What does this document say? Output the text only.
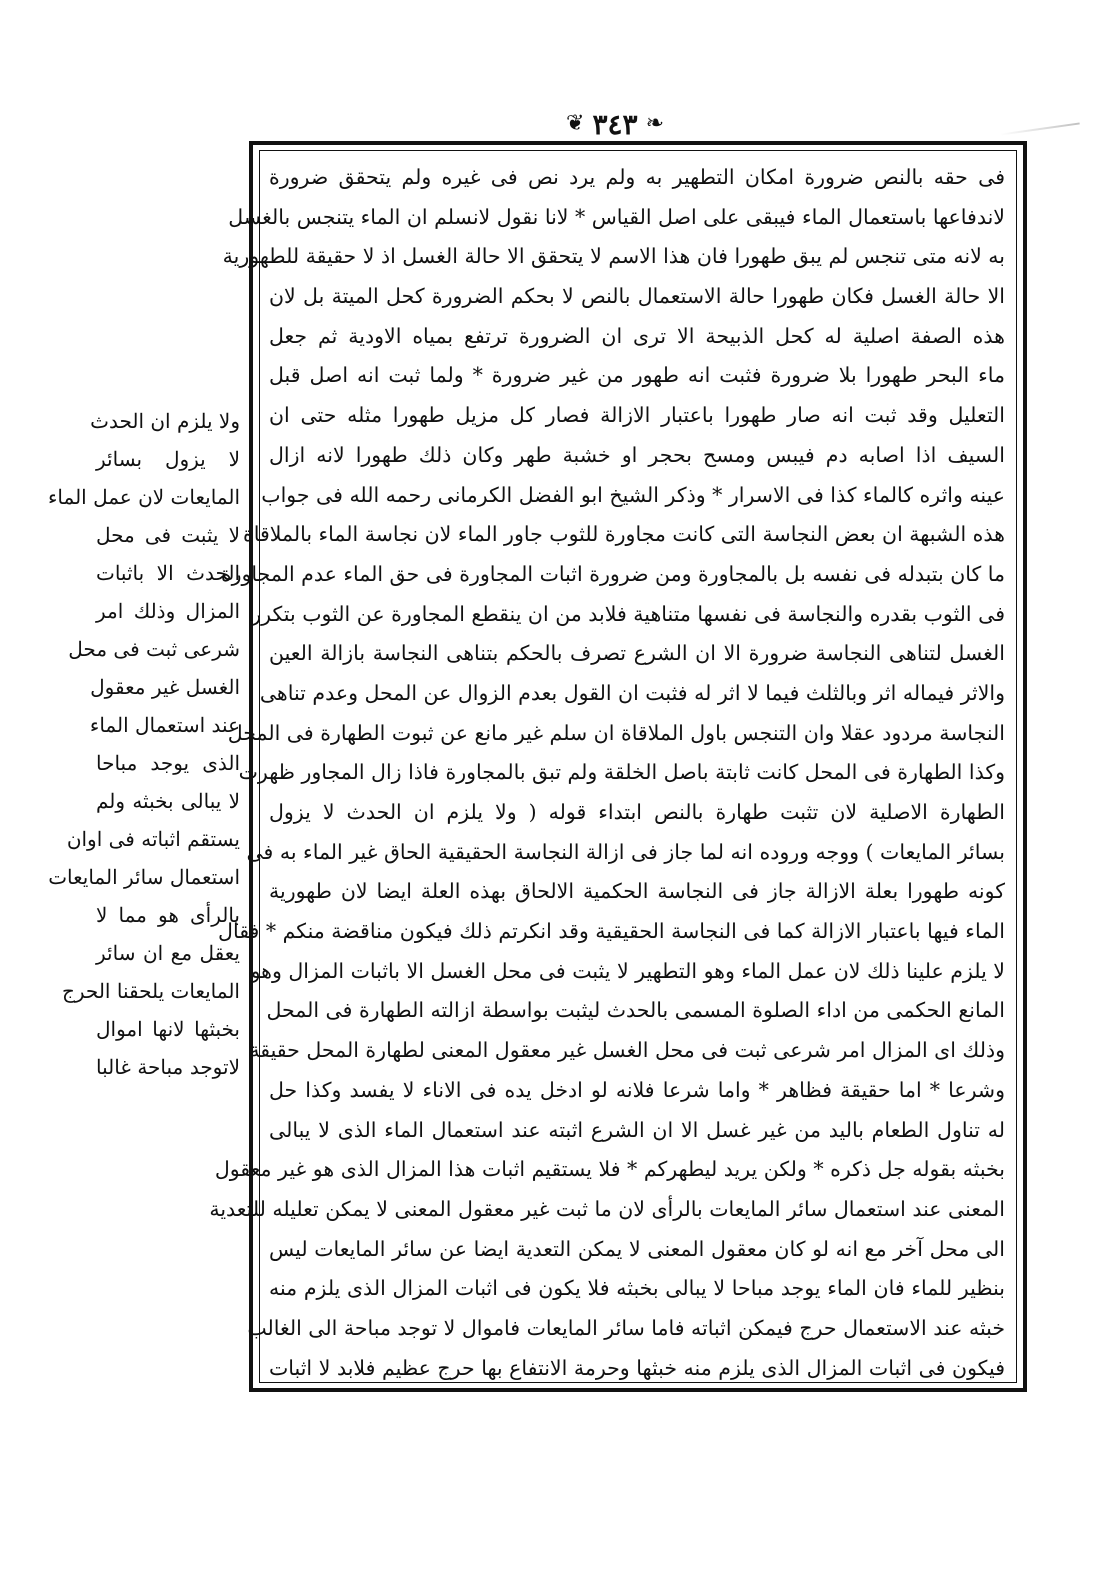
❦ ٣٤٣ ❧
فى حقه بالنص ضرورة امكان التطهير به ولم يرد نص فى غيره ولم يتحقق ضرورة
لاندفاعها باستعمال الماء فيبقى على اصل القياس * لانا نقول لانسلم ان الماء يتنجس بالغسل
به لانه متى تنجس لم يبق طهورا فان هذا الاسم لا يتحقق الا حالة الغسل اذ لا حقيقة للطهورية
الا حالة الغسل فكان طهورا حالة الاستعمال بالنص لا بحكم الضرورة كحل الميتة بل لان
هذه الصفة اصلية له كحل الذبيحة الا ترى ان الضرورة ترتفع بمياه الاودية ثم جعل
ماء البحر طهورا بلا ضرورة فثبت انه طهور من غير ضرورة * ولما ثبت انه اصل قبل
التعليل وقد ثبت انه صار طهورا باعتبار الازالة فصار كل مزيل طهورا مثله حتى ان
السيف اذا اصابه دم فيبس ومسح بحجر او خشبة طهر وكان ذلك طهورا لانه ازال
عينه واثره كالماء كذا فى الاسرار * وذكر الشيخ ابو الفضل الكرمانى رحمه الله فى جواب
هذه الشبهة ان بعض النجاسة التى كانت مجاورة للثوب جاور الماء لان نجاسة الماء بالملاقاة
ما كان بتبدله فى نفسه بل بالمجاورة ومن ضرورة اثبات المجاورة فى حق الماء عدم المجاورة
فى الثوب بقدره والنجاسة فى نفسها متناهية فلابد من ان ينقطع المجاورة عن الثوب بتكرر
الغسل لتناهى النجاسة ضرورة الا ان الشرع تصرف بالحكم بتناهى النجاسة بازالة العين
والاثر فيماله اثر وبالثلث فيما لا اثر له فثبت ان القول بعدم الزوال عن المحل وعدم تناهى
النجاسة مردود عقلا وان التنجس باول الملاقاة ان سلم غير مانع عن ثبوت الطهارة فى المحل
وكذا الطهارة فى المحل كانت ثابتة باصل الخلقة ولم تبق بالمجاورة فاذا زال المجاور ظهرت
الطهارة الاصلية لان تثبت طهارة بالنص ابتداء قوله ( ولا يلزم ان الحدث لا يزول
بسائر المايعات ) ووجه وروده انه لما جاز فى ازالة النجاسة الحقيقية الحاق غير الماء به فى
كونه طهورا بعلة الازالة جاز فى النجاسة الحكمية الالحاق بهذه العلة ايضا لان طهورية
الماء فيها باعتبار الازالة كما فى النجاسة الحقيقية وقد انكرتم ذلك فيكون مناقضة منكم * فقال
لا يلزم علينا ذلك لان عمل الماء وهو التطهير لا يثبت فى محل الغسل الا باثبات المزال وهو
المانع الحكمى من اداء الصلوة المسمى بالحدث ليثبت بواسطة ازالته الطهارة فى المحل
وذلك اى المزال امر شرعى ثبت فى محل الغسل غير معقول المعنى لطهارة المحل حقيقة
وشرعا * اما حقيقة فظاهر * واما شرعا فلانه لو ادخل يده فى الاناء لا يفسد وكذا حل
له تناول الطعام باليد من غير غسل الا ان الشرع اثبته عند استعمال الماء الذى لا يبالى
بخبثه بقوله جل ذكره * ولكن يريد ليطهركم * فلا يستقيم اثبات هذا المزال الذى هو غير معقول
المعنى عند استعمال سائر المايعات بالرأى لان ما ثبت غير معقول المعنى لا يمكن تعليله للتعدية
الى محل آخر مع انه لو كان معقول المعنى لا يمكن التعدية ايضا عن سائر المايعات ليس
بنظير للماء فان الماء يوجد مباحا لا يبالى بخبثه فلا يكون فى اثبات المزال الذى يلزم منه
خبثه عند الاستعمال حرج فيمكن اثباته فاما سائر المايعات فاموال لا توجد مباحة الى الغالب
فيكون فى اثبات المزال الذى يلزم منه خبثها وحرمة الانتفاع بها حرج عظيم فلابد لا اثبات
ولا يلزم ان الحدث
لا يزول بسائر
المايعات لان عمل الماء
لا يثبت فى محل
الحدث الا باثبات
المزال وذلك امر
شرعى ثبت فى محل
الغسل غير معقول
عند استعمال الماء
الذى يوجد مباحا
لا يبالى بخبثه ولم
يستقم اثباته فى اوان
استعمال سائر المايعات
بالرأى هو مما لا
يعقل مع ان سائر
المايعات يلحقنا الحرج
بخبثها لانها اموال
لاتوجد مباحة غالبا
